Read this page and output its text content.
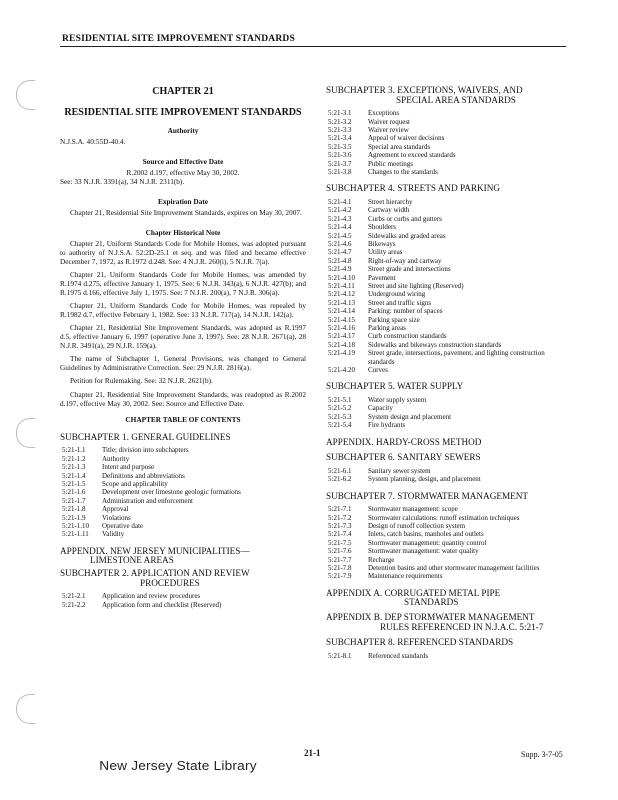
RESIDENTIAL SITE IMPROVEMENT STANDARDS
CHAPTER 21
RESIDENTIAL SITE IMPROVEMENT STANDARDS
Authority
N.J.S.A. 40:55D-40.4.
Source and Effective Date
R.2002 d.197, effective May 30, 2002.
See: 33 N.J.R. 3391(a), 34 N.J.R. 2311(b).
Expiration Date
Chapter 21, Residential Site Improvement Standards, expires on May 30, 2007.
Chapter Historical Note
Chapter 21, Uniform Standards Code for Mobile Homes, was adopted pursuant to authority of N.J.S.A. 52:2D-25.1 et seq. and was filed and became effective December 7, 1972, as R.1972 d.248. See: 4 N.J.R. 260(i), 5 N.J.R. 7(a).
Chapter 21, Uniform Standards Code for Mobile Homes, was amended by R.1974 d.275, effective January 1, 1975. See: 6 N.J.R. 343(a), 6 N.J.R. 427(b); and R.1975 d.166, effective July 1, 1975. See: 7 N.J.R. 200(a), 7 N.J.R. 306(a).
Chapter 21, Uniform Standards Code for Mobile Homes, was repealed by R.1982 d.7, effective February 1, 1982. See: 13 N.J.R. 717(a), 14 N.J.R. 142(a).
Chapter 21, Residential Site Improvement Standards, was adopted as R.1997 d.5, effective January 6, 1997 (operative June 3, 1997). See: 28 N.J.R. 2671(a), 28 N.J.R. 3491(a), 29 N.J.R. 159(a).
The name of Subchapter 1, General Provisions, was changed to General Guidelines by Administrative Correction. See: 29 N.J.R. 2816(a).
Petition for Rulemaking. See: 32 N.J.R. 2621(b).
Chapter 21, Residential Site Improvement Standards, was readopted as R.2002 d.197, effective May 30, 2002. See: Source and Effective Date.
CHAPTER TABLE OF CONTENTS
SUBCHAPTER 1. GENERAL GUIDELINES
5:21-1.1	Title; division into subchapters
5:21-1.2	Authority
5:21-1.3	Intent and purpose
5:21-1.4	Definitions and abbreviations
5:21-1.5	Scope and applicability
5:21-1.6	Development over limestone geologic formations
5:21-1.7	Administration and enforcement
5:21-1.8	Approval
5:21-1.9	Violations
5:21-1.10	Operative date
5:21-1.11	Validity
APPENDIX. NEW JERSEY MUNICIPALITIES—
LIMESTONE AREAS
SUBCHAPTER 2. APPLICATION AND REVIEW
PROCEDURES
5:21-2.1	Application and review procedures
5:21-2.2	Application form and checklist (Reserved)
SUBCHAPTER 3. EXCEPTIONS, WAIVERS, AND
SPECIAL AREA STANDARDS
5:21-3.1	Exceptions
5:21-3.2	Waiver request
5:21-3.3	Waiver review
5:21-3.4	Appeal of waiver decisions
5:21-3.5	Special area standards
5:21-3.6	Agreement to exceed standards
5:21-3.7	Public meetings
5:21-3.8	Changes to the standards
SUBCHAPTER 4. STREETS AND PARKING
5:21-4.1	Street hierarchy
5:21-4.2	Cartway width
5:21-4.3	Curbs or curbs and gutters
5:21-4.4	Shoulders
5:21-4.5	Sidewalks and graded areas
5:21-4.6	Bikeways
5:21-4.7	Utility areas
5:21-4.8	Right-of-way and cartway
5:21-4.9	Street grade and intersections
5:21-4.10	Pavement
5:21-4.11	Street and site lighting (Reserved)
5:21-4.12	Underground wiring
5:21-4.13	Street and traffic signs
5:21-4.14	Parking: number of spaces
5:21-4.15	Parking space size
5:21-4.16	Parking areas
5:21-4.17	Curb construction standards
5:21-4.18	Sidewalks and bikeways construction standards
5:21-4.19	Street grade, intersections, pavement, and lighting construction standards
5:21-4.20	Curves
SUBCHAPTER 5. WATER SUPPLY
5:21-5.1	Water supply system
5:21-5.2	Capacity
5:21-5.3	System design and placement
5:21-5.4	Fire hydrants
APPENDIX. HARDY-CROSS METHOD
SUBCHAPTER 6. SANITARY SEWERS
5:21-6.1	Sanitary sewer system
5:21-6.2	System planning, design, and placement
SUBCHAPTER 7. STORMWATER MANAGEMENT
5:21-7.1	Stormwater management: scope
5:21-7.2	Stormwater calculations: runoff estimation techniques
5:21-7.3	Design of runoff collection system
5:21-7.4	Inlets, catch basins, manholes and outlets
5:21-7.5	Stormwater management: quantity control
5:21-7.6	Stormwater management: water quality
5:21-7.7	Recharge
5:21-7.8	Detention basins and other stormwater management facilities
5:21-7.9	Maintenance requirements
APPENDIX A. CORRUGATED METAL PIPE
STANDARDS
APPENDIX B. DEP STORMWATER MANAGEMENT
RULES REFERENCED IN N.J.A.C. 5:21-7
SUBCHAPTER 8. REFERENCED STANDARDS
5:21-8.1	Referenced standards
21-1	Supp. 3-7-05
New Jersey State Library
